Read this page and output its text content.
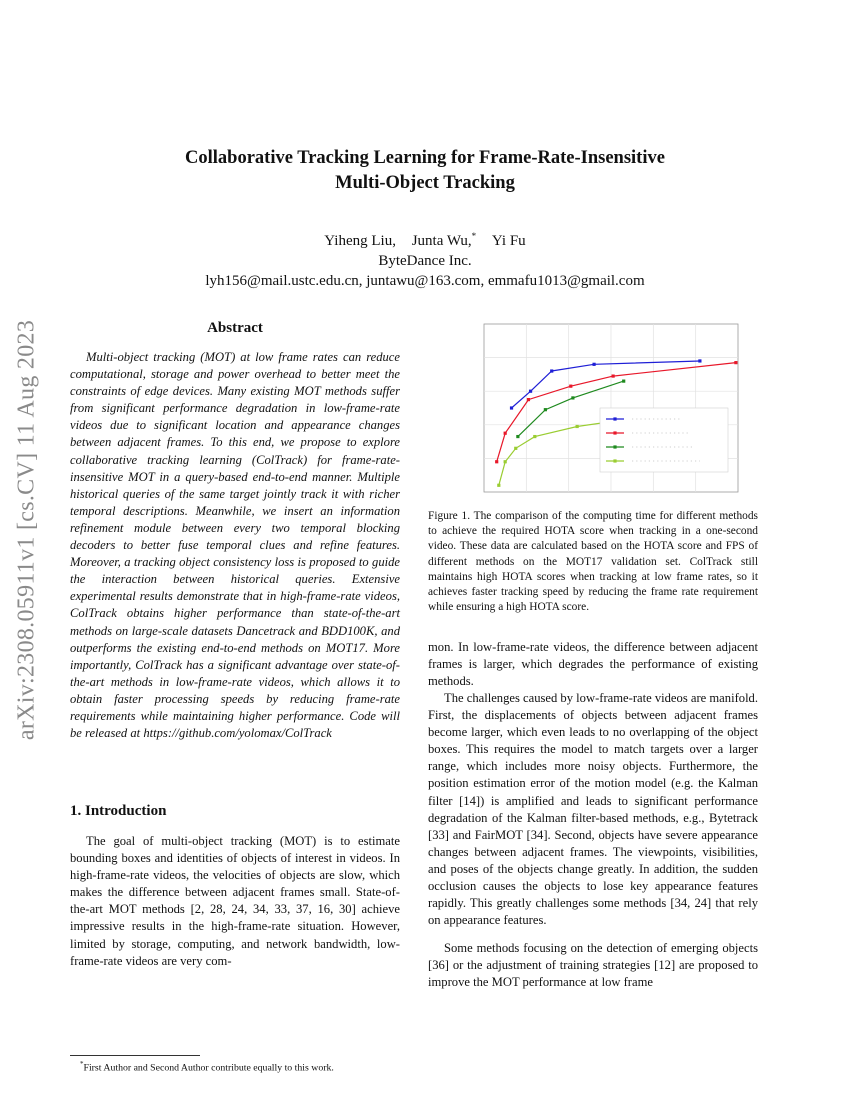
Collaborative Tracking Learning for Frame-Rate-Insensitive
Multi-Object Tracking
Yiheng Liu, Junta Wu,* Yi Fu
ByteDance Inc.
lyh156@mail.ustc.edu.cn, juntawu@163.com, emmafu1013@gmail.com
arXiv:2308.05911v1 [cs.CV] 11 Aug 2023	Abstract

Multi-object tracking (MOT) at low frame rates can reduce computational, storage and power overhead to better meet the constraints of edge devices. Many existing MOT methods suffer from significant performance degradation in low-frame-rate videos due to significant location and appearance changes between adjacent frames. To this end, we propose to explore collaborative tracking learning (ColTrack) for frame-rate-insensitive MOT in a query-based end-to-end manner. Multiple historical queries of the same target jointly track it with richer temporal descriptions. Meanwhile, we insert an information refinement module between every two temporal blocking decoders to better fuse temporal clues and refine features. Moreover, a tracking object consistency loss is proposed to guide the interaction between historical queries. Extensive experimental results demonstrate that in high-frame-rate videos, ColTrack obtains higher performance than state-of-the-art methods on large-scale datasets Dancetrack and BDD100K, and outperforms the existing end-to-end methods on MOT17. More importantly, ColTrack has a significant advantage over state-of-the-art methods in low-frame-rate videos, which allows it to obtain faster processing speeds by reducing frame-rate requirements while maintaining higher performance. Code will be released at https://github.com/yolomax/ColTrack

1. Introduction

The goal of multi-object tracking (MOT) is to estimate bounding boxes and identities of objects of interest in videos. In high-frame-rate videos, the velocities of objects are slow, which makes the difference between adjacent frames small. State-of-the-art MOT methods [2, 28, 24, 34, 33, 37, 16, 30] achieve impressive results in the high-frame-rate situation. However, limited by storage, computing, and network bandwidth, low-frame-rate videos are very com-

*First Author and Second Author contribute equally to this work.

Figure 1. The comparison of the computing time for different methods to achieve the required HOTA score when tracking in a one-second video. These data are calculated based on the HOTA score and FPS of different methods on the MOT17 validation set. ColTrack still maintains high HOTA scores when tracking at low frame rates, so it achieves faster tracking speed by reducing the frame rate requirement while ensuring a high HOTA score.

mon. In low-frame-rate videos, the difference between adjacent frames is larger, which degrades the performance of existing methods.

The challenges caused by low-frame-rate videos are manifold. First, the displacements of objects between adjacent frames become larger, which even leads to no overlapping of the object boxes. This requires the model to match targets over a larger range, which includes more noisy objects. Furthermore, the position estimation error of the motion model (e.g. the Kalman filter [14]) is amplified and leads to significant performance degradation of the Kalman filter-based methods, e.g., Bytetrack [33] and FairMOT [34]. Second, objects have severe appearance changes between adjacent frames. The viewpoints, visibilities, and poses of the objects change greatly. In addition, the sudden occlusion causes the objects to lose key appearance features rapidly. This greatly challenges some methods [34, 24] that rely on appearance features.

Some methods focusing on the detection of emerging objects [36] or the adjustment of training strategies [12] are proposed to improve the MOT performance at low frame
